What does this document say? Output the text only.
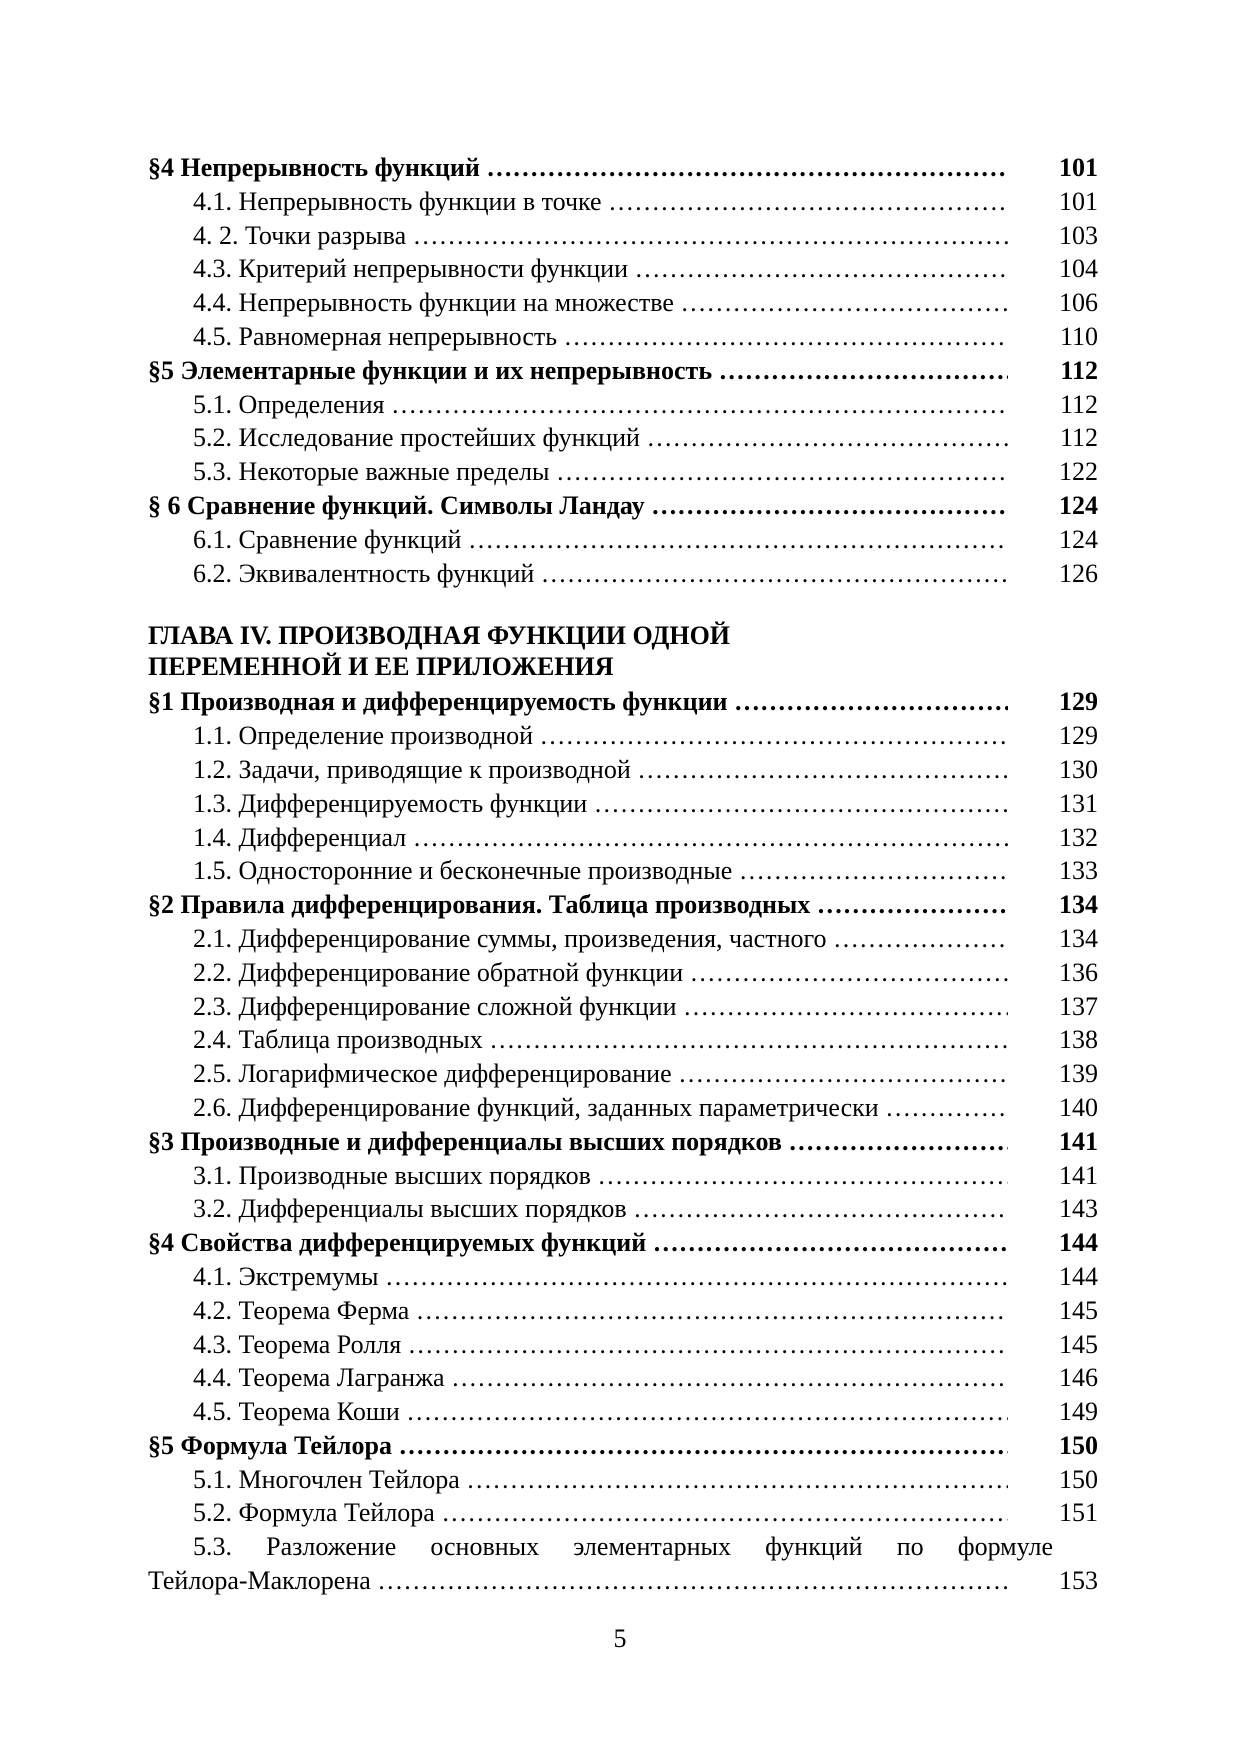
§4 Непрерывность функций ……………………………………………………………………………………………………………………………………………………	101
4.1. Непрерывность функции в точке ……………………………………………………………………………………………………………………………………………………	101
4. 2. Точки разрыва ……………………………………………………………………………………………………………………………………………………	103
4.3. Критерий непрерывности функции ……………………………………………………………………………………………………………………………………………………	104
4.4. Непрерывность функции на множестве ……………………………………………………………………………………………………………………………………………………	106
4.5. Равномерная непрерывность ……………………………………………………………………………………………………………………………………………………	110
§5 Элементарные функции и их непрерывность ……………………………………………………………………………………………………………………………………………………	112
5.1. Определения ……………………………………………………………………………………………………………………………………………………	112
5.2. Исследование простейших функций ……………………………………………………………………………………………………………………………………………………	112
5.3. Некоторые важные пределы ……………………………………………………………………………………………………………………………………………………	122
§ 6 Сравнение функций. Символы Ландау ……………………………………………………………………………………………………………………………………………………	124
6.1. Сравнение функций ……………………………………………………………………………………………………………………………………………………	124
6.2. Эквивалентность функций ……………………………………………………………………………………………………………………………………………………	126
ГЛАВА IV. ПРОИЗВОДНАЯ ФУНКЦИИ ОДНОЙ ПЕРЕМЕННОЙ И ЕЕ ПРИЛОЖЕНИЯ
§1 Производная и дифференцируемость функции ……………………………………………………………………………………………………………………………………………………	129
1.1. Определение производной ……………………………………………………………………………………………………………………………………………………	129
1.2. Задачи, приводящие к производной ……………………………………………………………………………………………………………………………………………………	130
1.3. Дифференцируемость функции ……………………………………………………………………………………………………………………………………………………	131
1.4. Дифференциал ……………………………………………………………………………………………………………………………………………………	132
1.5. Односторонние и бесконечные производные ……………………………………………………………………………………………………………………………………………………	133
§2 Правила дифференцирования. Таблица производных ……………………………………………………………………………………………………………………………………………………	134
2.1. Дифференцирование суммы, произведения, частного ……………………………………………………………………………………………………………………………………………………	134
2.2. Дифференцирование обратной функции ……………………………………………………………………………………………………………………………………………………	136
2.3. Дифференцирование сложной функции ……………………………………………………………………………………………………………………………………………………	137
2.4. Таблица производных ……………………………………………………………………………………………………………………………………………………	138
2.5. Логарифмическое дифференцирование ……………………………………………………………………………………………………………………………………………………	139
2.6. Дифференцирование функций, заданных параметрически ……………………………………………………………………………………………………………………………………………………	140
§3 Производные и дифференциалы высших порядков ……………………………………………………………………………………………………………………………………………………	141
3.1. Производные высших порядков ……………………………………………………………………………………………………………………………………………………	141
3.2. Дифференциалы высших порядков ……………………………………………………………………………………………………………………………………………………	143
§4 Свойства дифференцируемых функций ……………………………………………………………………………………………………………………………………………………	144
4.1. Экстремумы ……………………………………………………………………………………………………………………………………………………	144
4.2. Теорема Ферма ……………………………………………………………………………………………………………………………………………………	145
4.3. Теорема Ролля ……………………………………………………………………………………………………………………………………………………	145
4.4. Теорема Лагранжа ……………………………………………………………………………………………………………………………………………………	146
4.5. Теорема Коши ……………………………………………………………………………………………………………………………………………………	149
§5 Формула Тейлора ……………………………………………………………………………………………………………………………………………………	150
5.1. Многочлен Тейлора ……………………………………………………………………………………………………………………………………………………	150
5.2. Формула Тейлора ……………………………………………………………………………………………………………………………………………………	151
5.3. Разложение основных элементарных функций по формуле
Тейлора-Маклорена ……………………………………………………………………………………………………………………………………………………	153
5
